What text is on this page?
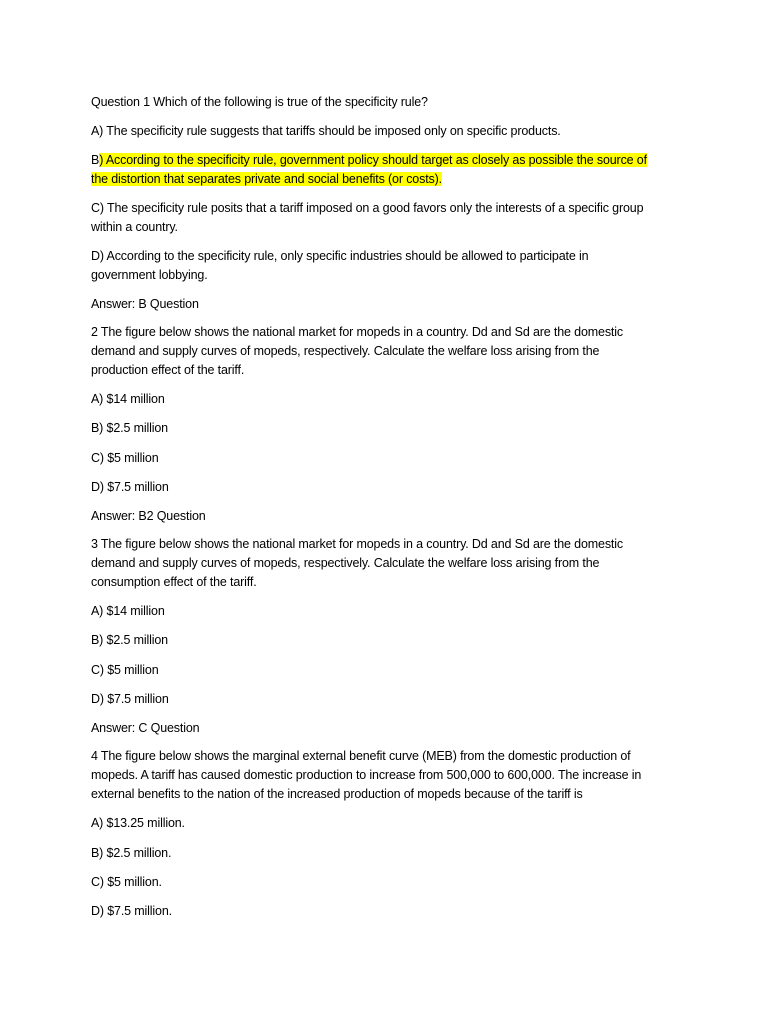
Question 1 Which of the following is true of the specificity rule?
A) The specificity rule suggests that tariffs should be imposed only on specific products.
B) According to the specificity rule, government policy should target as closely as possible the source of
the distortion that separates private and social benefits (or costs).
C) The specificity rule posits that a tariff imposed on a good favors only the interests of a specific group
within a country.
D) According to the specificity rule, only specific industries should be allowed to participate in
government lobbying.
Answer: B Question
2 The figure below shows the national market for mopeds in a country. Dd and Sd are the domestic
demand and supply curves of mopeds, respectively. Calculate the welfare loss arising from the
production effect of the tariff.
A) $14 million
B) $2.5 million
C) $5 million
D) $7.5 million
Answer: B2 Question
3 The figure below shows the national market for mopeds in a country. Dd and Sd are the domestic
demand and supply curves of mopeds, respectively. Calculate the welfare loss arising from the
consumption effect of the tariff.
A) $14 million
B) $2.5 million
C) $5 million
D) $7.5 million
Answer: C Question
4 The figure below shows the marginal external benefit curve (MEB) from the domestic production of
mopeds. A tariff has caused domestic production to increase from 500,000 to 600,000. The increase in
external benefits to the nation of the increased production of mopeds because of the tariff is
A) $13.25 million.
B) $2.5 million.
C) $5 million.
D) $7.5 million.
